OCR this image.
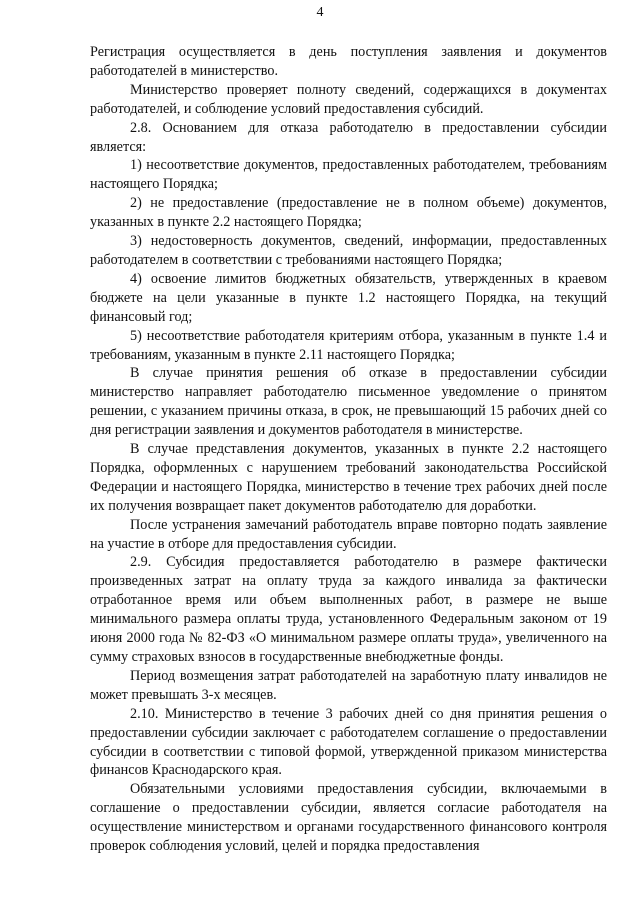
4

Регистрация осуществляется в день поступления заявления и документов работодателей в министерство.

Министерство проверяет полноту сведений, содержащихся в документах работодателей, и соблюдение условий предоставления субсидий.

2.8. Основанием для отказа работодателю в предоставлении субсидии является:

1) несоответствие документов, предоставленных работодателем, требованиям настоящего Порядка;

2) не предоставление (предоставление не в полном объеме) документов, указанных в пункте 2.2 настоящего Порядка;

3) недостоверность документов, сведений, информации, предоставленных работодателем в соответствии с требованиями настоящего Порядка;

4) освоение лимитов бюджетных обязательств, утвержденных в краевом бюджете на цели указанные в пункте 1.2 настоящего Порядка, на текущий финансовый год;

5) несоответствие работодателя критериям отбора, указанным в пункте 1.4 и требованиям, указанным в пункте 2.11 настоящего Порядка;

В случае принятия решения об отказе в предоставлении субсидии министерство направляет работодателю письменное уведомление о принятом решении, с указанием причины отказа, в срок, не превышающий 15 рабочих дней со дня регистрации заявления и документов работодателя в министерстве.

В случае представления документов, указанных в пункте 2.2 настоящего Порядка, оформленных с нарушением требований законодательства Российской Федерации и настоящего Порядка, министерство в течение трех рабочих дней после их получения возвращает пакет документов работодателю для доработки.

После устранения замечаний работодатель вправе повторно подать заявление на участие в отборе для предоставления субсидии.

2.9. Субсидия предоставляется работодателю в размере фактически произведенных затрат на оплату труда за каждого инвалида за фактически отработанное время или объем выполненных работ, в размере не выше минимального размера оплаты труда, установленного Федеральным законом от 19 июня 2000 года № 82-ФЗ «О минимальном размере оплаты труда», увеличенного на сумму страховых взносов в государственные внебюджетные фонды.

Период возмещения затрат работодателей на заработную плату инвалидов не может превышать 3-х месяцев.

2.10. Министерство в течение 3 рабочих дней со дня принятия решения о предоставлении субсидии заключает с работодателем соглашение о предоставлении субсидии в соответствии с типовой формой, утвержденной приказом министерства финансов Краснодарского края.

Обязательными условиями предоставления субсидии, включаемыми в соглашение о предоставлении субсидии, является согласие работодателя на осуществление министерством и органами государственного финансового контроля проверок соблюдения условий, целей и порядка предоставления
